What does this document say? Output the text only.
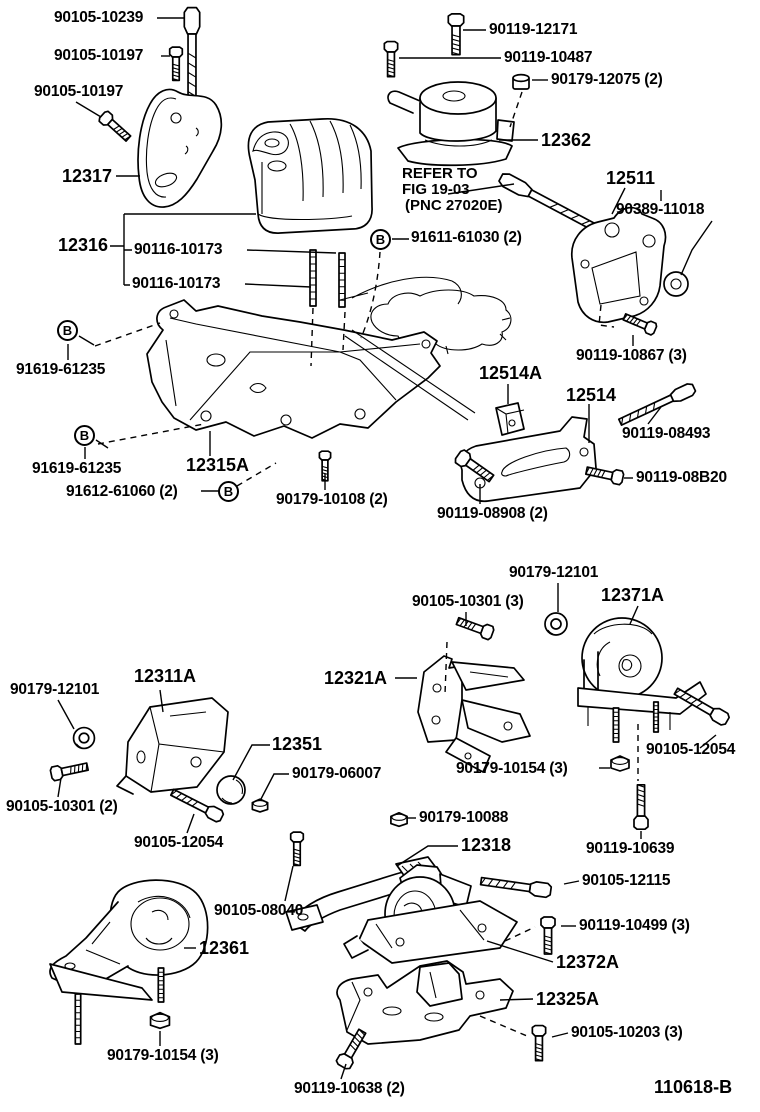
90105-10239
90105-10197
90105-10197
12317
90119-12171
90119-10487
90179-12075 (2)
12362
12511
90389-11018
91611-61030 (2)
12316 90116-10173
90116-10173
91619-61235
90119-10867 (3)
12514A
12514
90119-08493
91619-61235	12315A
90119-08B20
91612-61060 (2)	90179-10108 (2)
90119-08908 (2)
90179-12101
90105-10301 (3)	12371A
90179-12101
12311A	12321A
12351
90179-06007
90105-10301 (2)
90179-10154 (3)
90105-12054
90105-12054
90179-10088
12318	90119-10639
90105-12115
90105-08040
90119-10499 (3)
12361
12372A
12325A
90105-10203 (3)
90179-10154 (3)
90119-10638 (2)
REFER TO
FIG 19-03
(PNC 27020E)
B
B
B
B
110618-B
